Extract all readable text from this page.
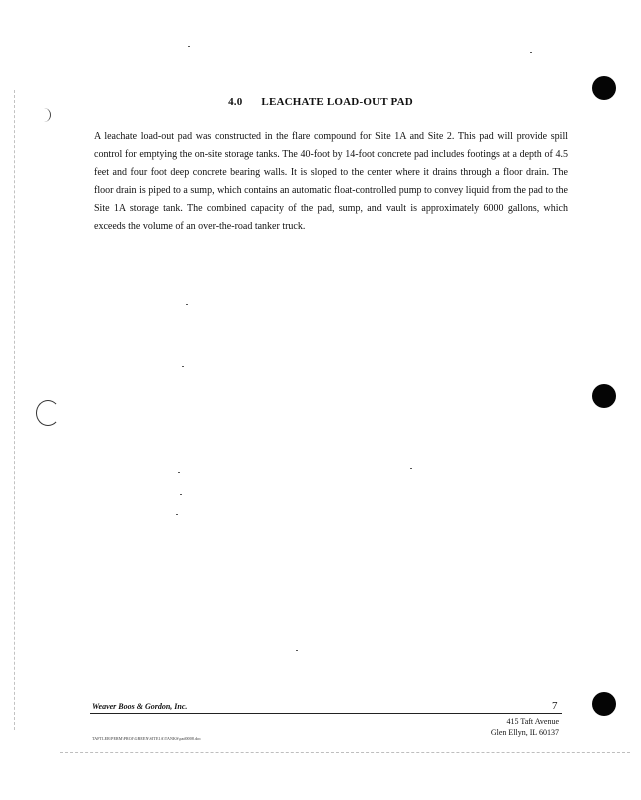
4.0 LEACHATE LOAD-OUT PAD
A leachate load-out pad was constructed in the flare compound for Site 1A and Site 2. This pad will provide spill control for emptying the on-site storage tanks. The 40-foot by 14-foot concrete pad includes footings at a depth of 4.5 feet and four foot deep concrete bearing walls. It is sloped to the center where it drains through a floor drain. The floor drain is piped to a sump, which contains an automatic float-controlled pump to convey liquid from the pad to the Site 1A storage tank. The combined capacity of the pad, sump, and vault is approximately 6000 gallons, which exceeds the volume of an over-the-road tanker truck.
Weaver Boos & Gordon, Inc.	7
415 Taft Avenue
Glen Ellyn, IL 60137
TAFTLER\PERM\PROJ\GREEN\SITE1A\TANKS\pad0008.doc
